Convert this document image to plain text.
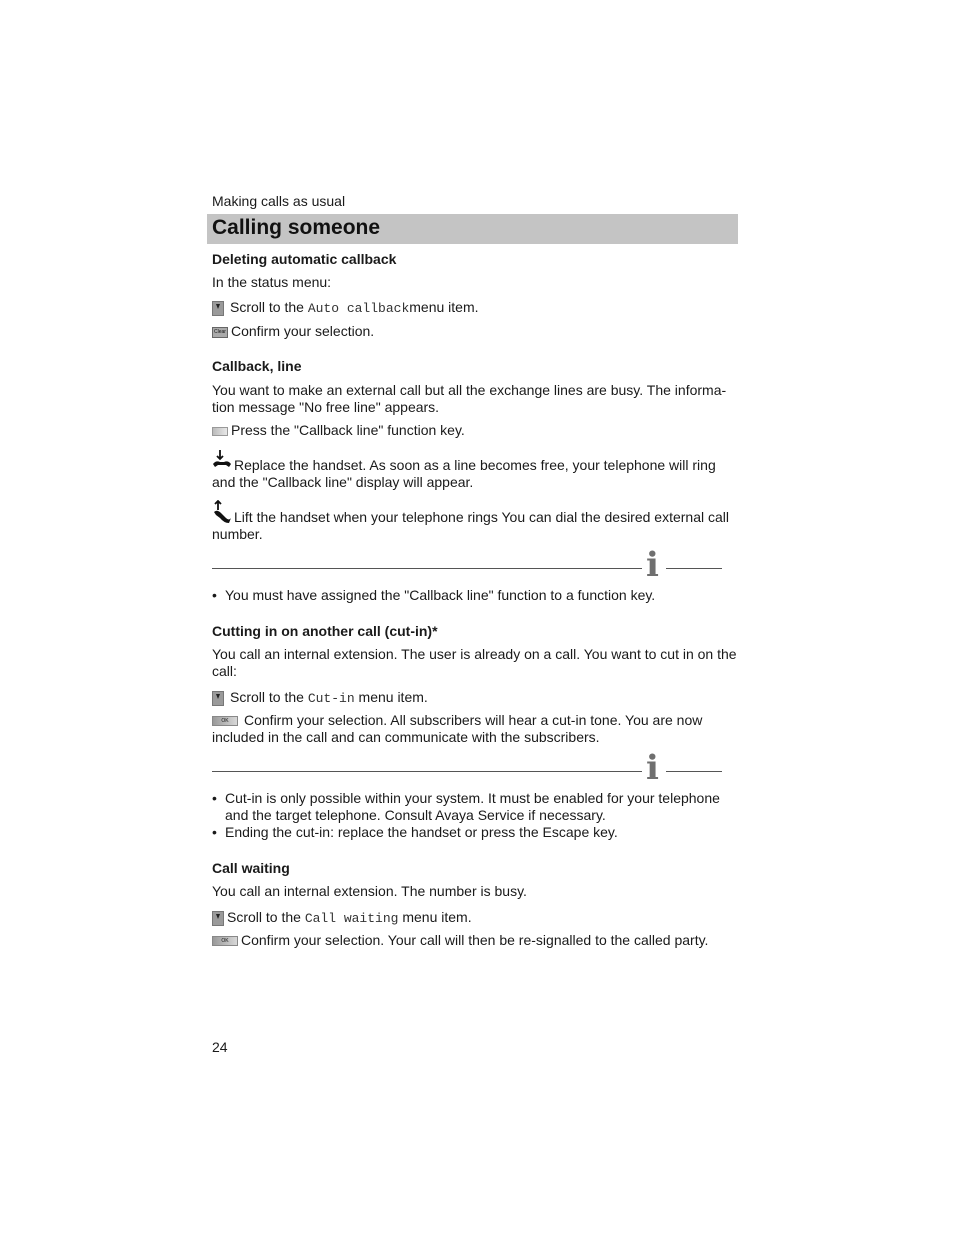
Making calls as usual
Calling someone
Deleting automatic callback
In the status menu:
Scroll to the Auto callbackmenu item.
Clear Confirm your selection.
Callback, line
You want to make an external call but all the exchange lines are busy. The informa-
tion message "No free line" appears.
Press the "Callback line" function key.
Replace the handset. As soon as a line becomes free, your telephone will ring
and the "Callback line" display will appear.
Lift the handset when your telephone rings You can dial the desired external call
number.
i
• You must have assigned the "Callback line" function to a function key.
Cutting in on another call (cut-in)*
You call an internal extension. The user is already on a call. You want to cut in on the
call:
Scroll to the Cut-in menu item.
OK	Confirm your selection. All subscribers will hear a cut-in tone. You are now
included in the call and can communicate with the subscribers.
i
• Cut-in is only possible within your system. It must be enabled for your telephone
and the target telephone. Consult Avaya Service if necessary.
• Ending the cut-in: replace the handset or press the Escape key.
Call waiting
You call an internal extension. The number is busy.
Scroll to the Call waiting menu item.
OK Confirm your selection. Your call will then be re-signalled to the called party.
24
